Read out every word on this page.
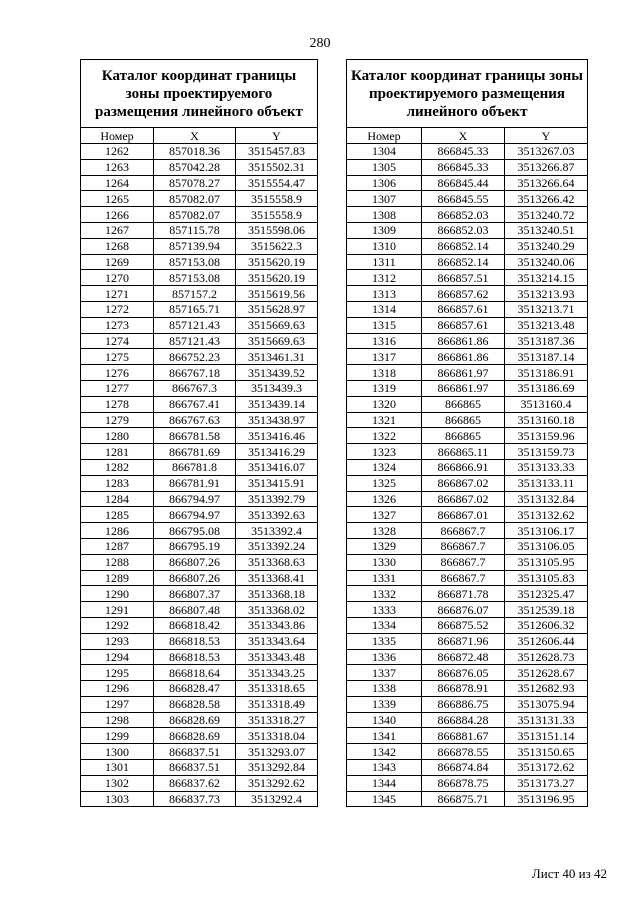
280
Каталог координат границы зоны проектируемого размещения линейного объект		
Номер	X	Y
1262	857018.36	3515457.83
1263	857042.28	3515502.31
1264	857078.27	3515554.47
1265	857082.07	3515558.9
1266	857082.07	3515558.9
1267	857115.78	3515598.06
1268	857139.94	3515622.3
1269	857153.08	3515620.19
1270	857153.08	3515620.19
1271	857157.2	3515619.56
1272	857165.71	3515628.97
1273	857121.43	3515669.63
1274	857121.43	3515669.63
1275	866752.23	3513461.31
1276	866767.18	3513439.52
1277	866767.3	3513439.3
1278	866767.41	3513439.14
1279	866767.63	3513438.97
1280	866781.58	3513416.46
1281	866781.69	3513416.29
1282	866781.8	3513416.07
1283	866781.91	3513415.91
1284	866794.97	3513392.79
1285	866794.97	3513392.63
1286	866795.08	3513392.4
1287	866795.19	3513392.24
1288	866807.26	3513368.63
1289	866807.26	3513368.41
1290	866807.37	3513368.18
1291	866807.48	3513368.02
1292	866818.42	3513343.86
1293	866818.53	3513343.64
1294	866818.53	3513343.48
1295	866818.64	3513343.25
1296	866828.47	3513318.65
1297	866828.58	3513318.49
1298	866828.69	3513318.27
1299	866828.69	3513318.04
1300	866837.51	3513293.07
1301	866837.51	3513292.84
1302	866837.62	3513292.62
1303	866837.73	3513292.4
Каталог координат границы зоны проектируемого размещения линейного объект		
Номер	X	Y
1304	866845.33	3513267.03
1305	866845.33	3513266.87
1306	866845.44	3513266.64
1307	866845.55	3513266.42
1308	866852.03	3513240.72
1309	866852.03	3513240.51
1310	866852.14	3513240.29
1311	866852.14	3513240.06
1312	866857.51	3513214.15
1313	866857.62	3513213.93
1314	866857.61	3513213.71
1315	866857.61	3513213.48
1316	866861.86	3513187.36
1317	866861.86	3513187.14
1318	866861.97	3513186.91
1319	866861.97	3513186.69
1320	866865	3513160.4
1321	866865	3513160.18
1322	866865	3513159.96
1323	866865.11	3513159.73
1324	866866.91	3513133.33
1325	866867.02	3513133.11
1326	866867.02	3513132.84
1327	866867.01	3513132.62
1328	866867.7	3513106.17
1329	866867.7	3513106.05
1330	866867.7	3513105.95
1331	866867.7	3513105.83
1332	866871.78	3512325.47
1333	866876.07	3512539.18
1334	866875.52	3512606.32
1335	866871.96	3512606.44
1336	866872.48	3512628.73
1337	866876.05	3512628.67
1338	866878.91	3512682.93
1339	866886.75	3513075.94
1340	866884.28	3513131.33
1341	866881.67	3513151.14
1342	866878.55	3513150.65
1343	866874.84	3513172.62
1344	866878.75	3513173.27
1345	866875.71	3513196.95
Лист 40 из 42
